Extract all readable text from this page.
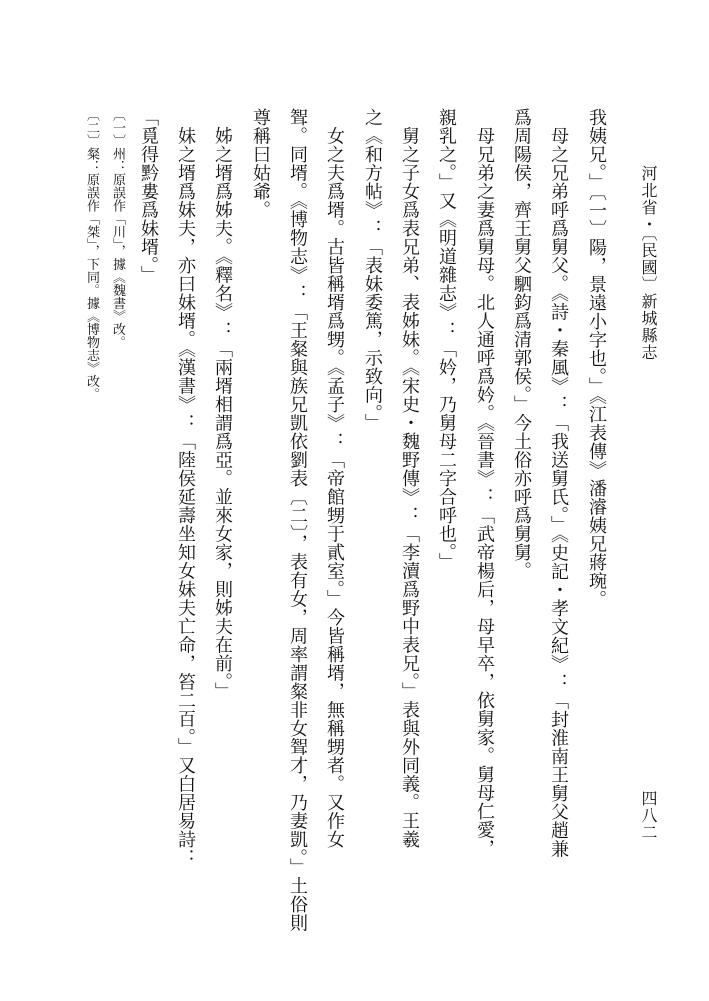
河北省・〔民國〕新城縣志
四八二
我姨兄。」〔一〕陽，景遠小字也。」《江表傳》潘濬姨兄蔣琬。
　母之兄弟呼爲舅父。《詩・秦風》：「我送舅氏。」《史記・孝文紀》：「封淮南王舅父趙兼
爲周陽侯，齊王舅父駟鈞爲清郭侯。」今土俗亦呼爲舅舅。
　母兄弟之妻爲舅母。北人通呼爲妗。《晉書》：「武帝楊后，母早卒，依舅家。舅母仁愛，
親乳之。」又《明道雜志》：「妗，乃舅母二字合呼也。」
　舅之子女爲表兄弟、表姊妹。《宋史・魏野傳》：「李瀆爲野中表兄。」表與外同義。王羲
之《和方帖》：「表妹委篤，示致向。」
　女之夫爲壻。古皆稱壻爲甥。《孟子》：「帝館甥于貳室。」今皆稱壻，無稱甥者。又作女
聟。同壻。《博物志》：「王粲與族兄凱依劉表〔二〕，表有女，周率謂粲非女聟才，乃妻凱。」土俗則
尊稱曰姑爺。
　姊之壻爲姊夫。《釋名》：「兩壻相謂爲亞。並來女家，則姊夫在前。」
　妹之壻爲妹夫，亦曰妹壻。《漢書》：「陸侯延壽坐知女妹夫亡命，笞二百。」又白居易詩：
「覓得黔婁爲妹壻。」
〔一〕州：原誤作「川」，據《魏書》改。
〔二〕粲：原誤作「桀」，下同。據《博物志》改。
